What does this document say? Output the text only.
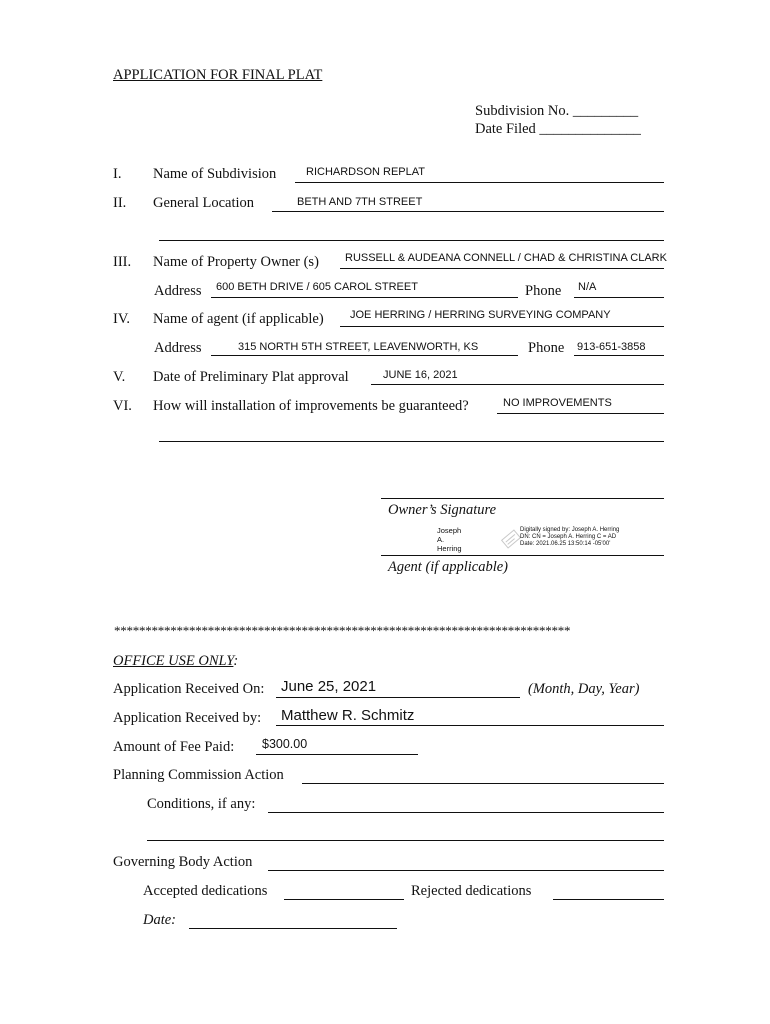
APPLICATION FOR FINAL PLAT
Subdivision No. _________
Date Filed ______________
I. Name of Subdivision	RICHARDSON REPLAT
II. General Location	BETH AND 7TH STREET
III. Name of Property Owner (s) RUSSELL & AUDEANA CONNELL / CHAD & CHRISTINA CLARK
Address 600 BETH DRIVE / 605 CAROL STREET	Phone N/A
IV. Name of agent (if applicable) JOE HERRING / HERRING SURVEYING COMPANY
Address	315 NORTH 5TH STREET, LEAVENWORTH, KS	Phone 913-651-3858
V. Date of Preliminary Plat approval	JUNE 16, 2021
VI. How will installation of improvements be guaranteed?	NO IMPROVEMENTS
Owner’s Signature
Joseph
A.
Herring
Digitally signed by: Joseph A. Herring
DN: CN = Joseph A. Herring C = AD
Date: 2021.06.25 13:50:14 -05'00'
Agent (if applicable)
*************************************************************************
OFFICE USE ONLY:
Application Received On: June 25, 2021	(Month, Day, Year)
Application Received by: Matthew R. Schmitz
Amount of Fee Paid: $300.00
Planning Commission Action
Conditions, if any:
Governing Body Action
Accepted dedications	Rejected dedications
Date:
